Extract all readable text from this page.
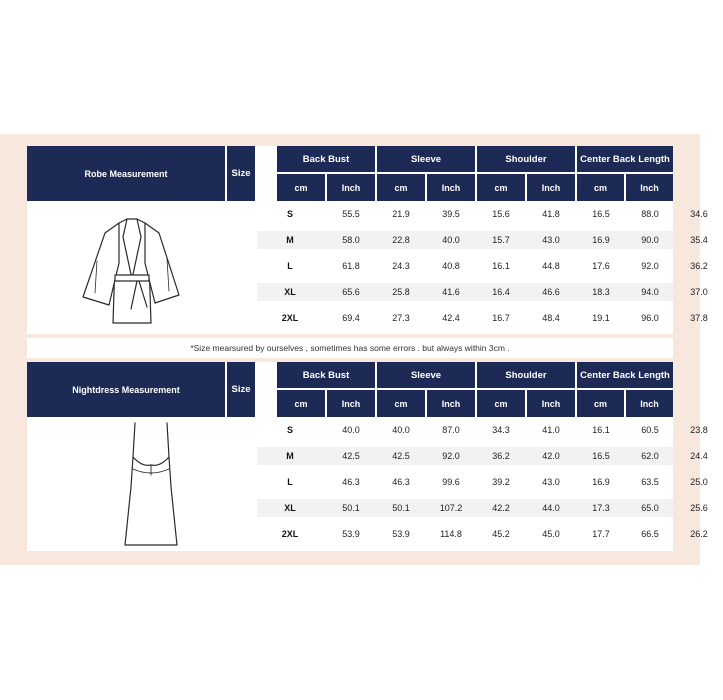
Robe Measurement	Size
Back Bust	Sleeve	Shoulder	Center Back Length
cm	Inch	cm	Inch	cm	Inch	cm	Inch
S	55.5	21.9	39.5	15.6	41.8	16.5	88.0	34.6
M	58.0	22.8	40.0	15.7	43.0	16.9	90.0	35.4
L	61.8	24.3	40.8	16.1	44.8	17.6	92.0	36.2
XL	65.6	25.8	41.6	16.4	46.6	18.3	94.0	37.0
2XL	69.4	27.3	42.4	16.7	48.4	19.1	96.0	37.8
*Size mearsured by ourselves , sometimes has some errors . but always within 3cm .
Nightdress Measurement	Size
Back Bust	Sleeve	Shoulder	Center Back Length
cm	Inch	cm	Inch	cm	Inch	cm	Inch
S	40.0	40.0	87.0	34.3	41.0	16.1	60.5	23.8
M	42.5	42.5	92.0	36.2	42.0	16.5	62.0	24.4
L	46.3	46.3	99.6	39.2	43.0	16.9	63.5	25.0
XL	50.1	50.1	107.2	42.2	44.0	17.3	65.0	25.6
2XL	53.9	53.9	114.8	45.2	45.0	17.7	66.5	26.2
